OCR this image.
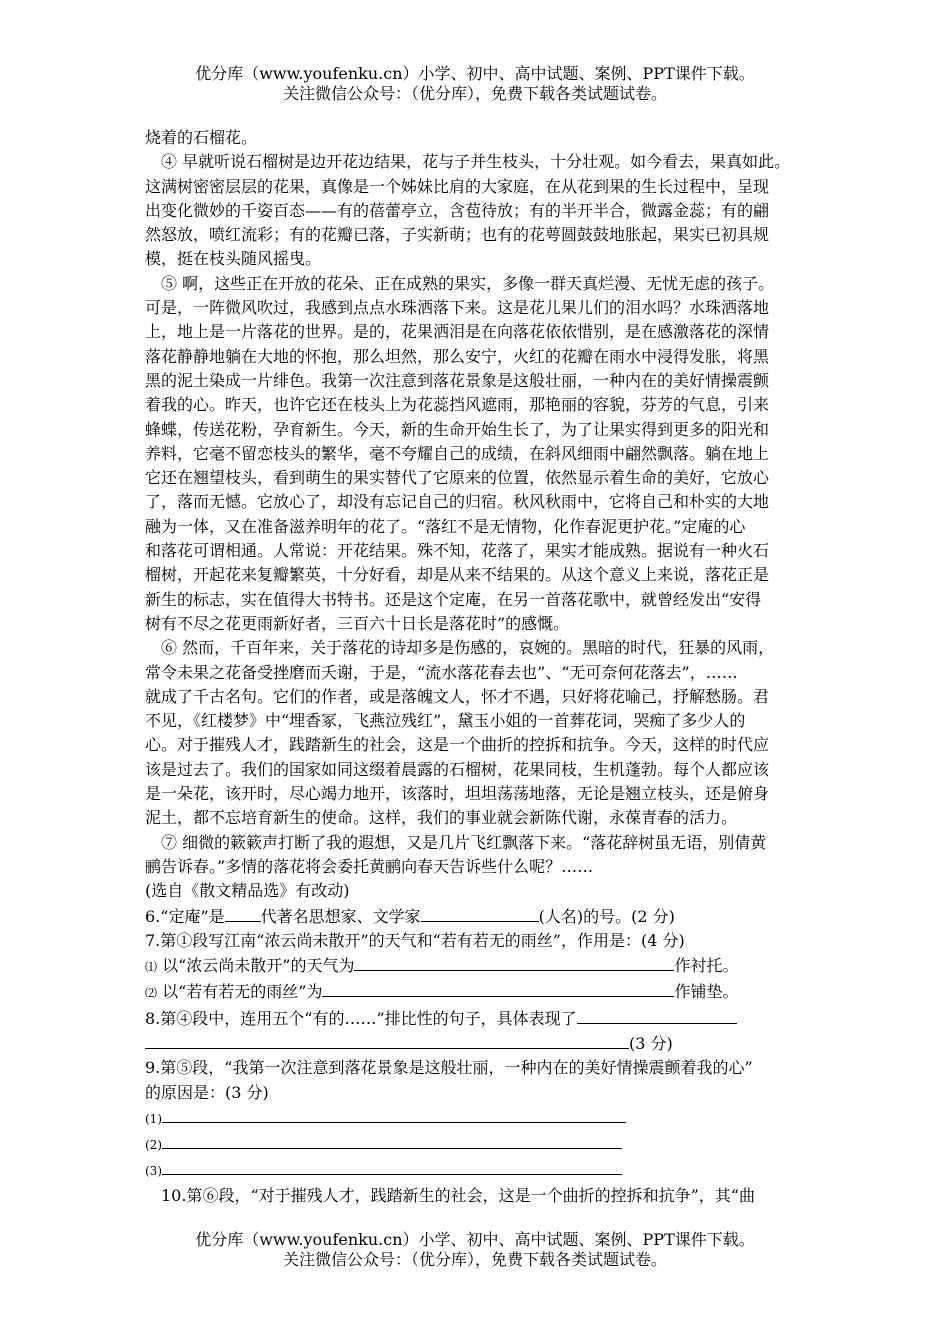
优分库（www.youfenku.cn）小学、初中、高中试题、案例、PPT课件下载。
关注微信公众号：（优分库），免费下载各类试题试卷。
烧着的石榴花。
④ 早就听说石榴树是边开花边结果，花与子并生枝头，十分壮观。如今看去，果真如此。
这满树密密层层的花果，真像是一个姊妹比肩的大家庭，在从花到果的生长过程中，呈现
出变化微妙的千姿百态——有的蓓蕾亭立，含苞待放；有的半开半合，微露金蕊；有的翩
然怒放，喷红流彩；有的花瓣已落，子实新萌；也有的花萼圆鼓鼓地胀起，果实已初具规
模，挺在枝头随风摇曳。
⑤ 啊，这些正在开放的花朵、正在成熟的果实，多像一群天真烂漫、无忧无虑的孩子。
可是，一阵微风吹过，我感到点点水珠洒落下来。这是花儿果儿们的泪水吗？水珠洒落地
上，地上是一片落花的世界。是的，花果洒泪是在向落花依依惜别，是在感激落花的深情
落花静静地躺在大地的怀抱，那么坦然，那么安宁，火红的花瓣在雨水中浸得发胀，将黑
黑的泥土染成一片绯色。我第一次注意到落花景象是这般壮丽，一种内在的美好情操震颤
着我的心。昨天，也许它还在枝头上为花蕊挡风遮雨，那艳丽的容貌，芬芳的气息，引来
蜂蝶，传送花粉，孕育新生。今天，新的生命开始生长了，为了让果实得到更多的阳光和
养料，它毫不留恋枝头的繁华，毫不夸耀自己的成绩，在斜风细雨中翩然飘落。躺在地上
它还在翘望枝头，看到萌生的果实替代了它原来的位置，依然显示着生命的美好，它放心
了，落而无憾。它放心了，却没有忘记自己的归宿。秋风秋雨中，它将自己和朴实的大地
融为一体，又在准备滋养明年的花了。“落红不是无情物，化作春泥更护花。”定庵的心
和落花可谓相通。人常说：开花结果。殊不知，花落了，果实才能成熟。据说有一种火石
榴树，开起花来复瓣繁英，十分好看，却是从来不结果的。从这个意义上来说，落花正是
新生的标志，实在值得大书特书。还是这个定庵，在另一首落花歌中，就曾经发出“安得
树有不尽之花更雨新好者，三百六十日长是落花时”的感慨。
⑥ 然而，千百年来，关于落花的诗却多是伤感的，哀婉的。黑暗的时代，狂暴的风雨，
常令未果之花备受挫磨而夭谢，于是，“流水落花春去也”、“无可奈何花落去”，……
就成了千古名句。它们的作者，或是落魄文人，怀才不遇，只好将花喻己，抒解愁肠。君
不见，《红楼梦》中“埋香冢，飞燕泣残红”，黛玉小姐的一首葬花词，哭痴了多少人的
心。对于摧残人才，践踏新生的社会，这是一个曲折的控拆和抗争。今天，这样的时代应
该是过去了。我们的国家如同这缀着晨露的石榴树，花果同枝，生机蓬勃。每个人都应该
是一朵花，该开时，尽心竭力地开，该落时，坦坦荡荡地落，无论是翘立枝头，还是俯身
泥土，都不忘培育新生的使命。这样，我们的事业就会新陈代谢，永葆青春的活力。
⑦ 细微的簌簌声打断了我的遐想，又是几片飞红飘落下来。“落花辞树虽无语，别倩黄
鹂告诉春。”多情的落花将会委托黄鹂向春天告诉些什么呢？……
(选自《散文精品选》有改动)
6.“定庵”是 代著名思想家、文学家	(人名)的号。(2 分)
7.第①段写江南“浓云尚未散开”的天气和“若有若无的雨丝”，作用是：(4 分)
⑴ 以“浓云尚未散开”的天气为	作衬托。
⑵ 以“若有若无的雨丝”为	作铺垫。
8.第④段中，连用五个“有的……”排比性的句子，具体表现了
(3 分)
9.第⑤段，“我第一次注意到落花景象是这般壮丽，一种内在的美好情操震颤着我的心”
的原因是：(3 分)
(1)
(2)
(3)
10.第⑥段，“对于摧残人才，践踏新生的社会，这是一个曲折的控拆和抗争”，其“曲
优分库（www.youfenku.cn）小学、初中、高中试题、案例、PPT课件下载。
关注微信公众号：（优分库），免费下载各类试题试卷。
